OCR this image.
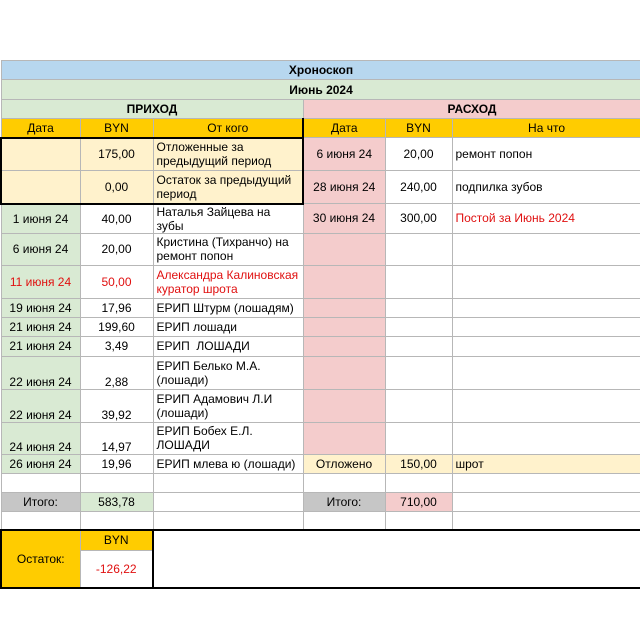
Хроноскоп					
Июнь 2024					
ПРИХОД			РАСХОД		
Дата	BYN	От кого	Дата	BYN	На что
	175,00	Отложенные за предыдущий период	6 июня 24	20,00	ремонт попон
	0,00	Остаток за предыдущий период	28 июня 24	240,00	подпилка зубов
1 июня 24	40,00	Наталья Зайцева на зубы	30 июня 24	300,00	Постой за Июнь 2024
6 июня 24	20,00	Кристина (Тихранчо) на ремонт попон			
11 июня 24	50,00	Александра Калиновская куратор шрота			
19 июня 24	17,96	ЕРИП Штурм (лошадям)			
21 июня 24	199,60	ЕРИП лошади			
21 июня 24	3,49	ЕРИП  ЛОШАДИ			
22 июня 24	2,88	ЕРИП Белько М.А. (лошади)			
22 июня 24	39,92	ЕРИП Адамович Л.И (лошади)			
24 июня 24	14,97	ЕРИП Бобех Е.Л. ЛОШАДИ			
26 июня 24	19,96	ЕРИП млева ю (лошади)	Отложено	150,00	шрот

Итого:	583,78		Итого:	710,00	

Остаток:	BYN				
	-126,22				
